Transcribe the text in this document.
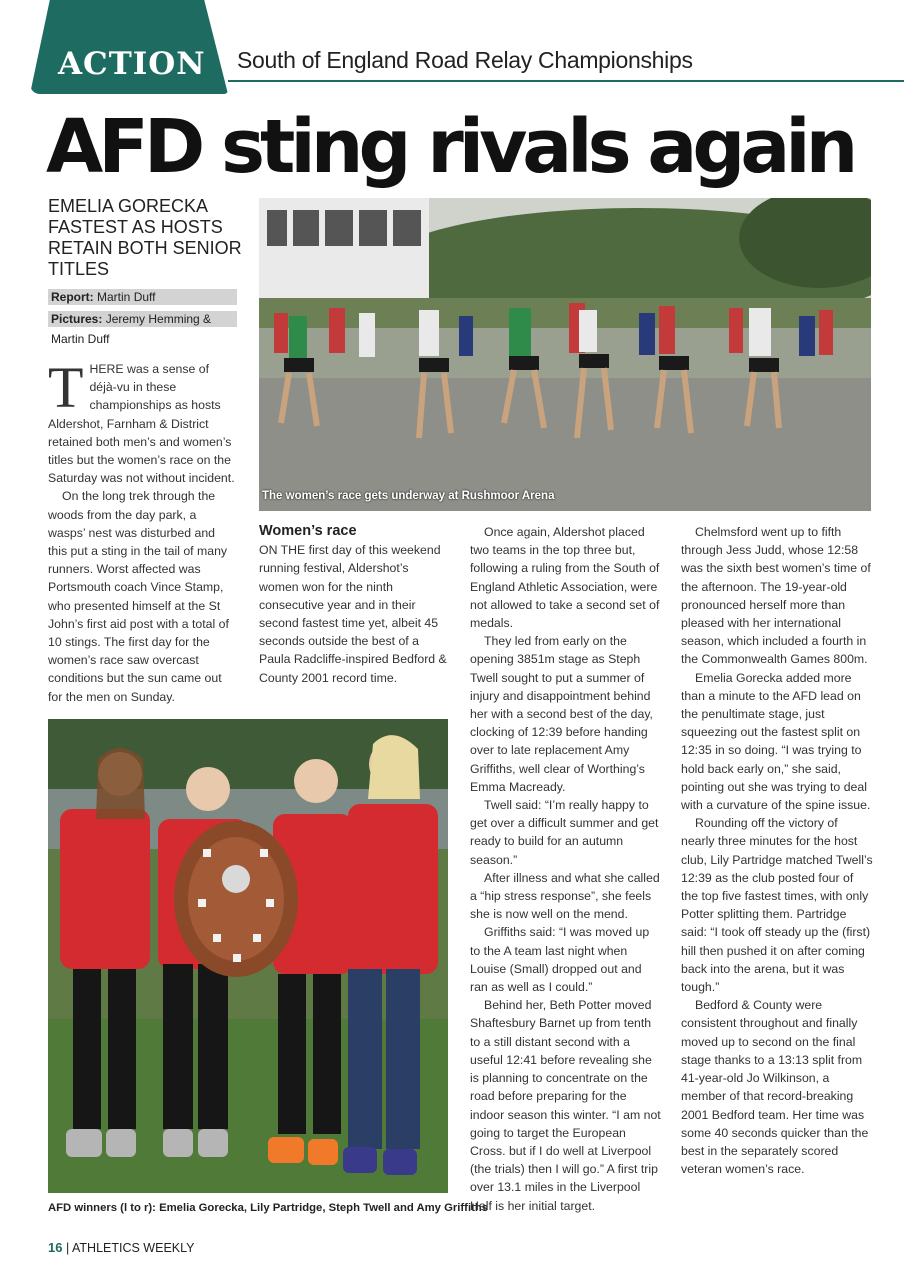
ACTION South of England Road Relay Championships
AFD sting rivals again
EMELIA GORECKA FASTEST AS HOSTS RETAIN BOTH SENIOR TITLES
Report: Martin Duff
Pictures: Jeremy Hemming &
Martin Duff

THERE was a sense of déjà-vu in these championships as hosts Aldershot, Farnham & District retained both men’s and women’s titles but the women’s race on the Saturday was not without incident.

On the long trek through the woods from the day park, a wasps’ nest was disturbed and this put a sting in the tail of many runners. Worst affected was Portsmouth coach Vince Stamp, who presented himself at the St John’s first aid post with a total of 10 stings. The first day for the women’s race saw overcast conditions but the sun came out for the men on Sunday.

The women’s race gets underway at Rushmoor Arena
Women’s race

ON THE first day of this weekend running festival, Aldershot’s women won for the ninth consecutive year and in their second fastest time yet, albeit 45 seconds outside the best of a Paula Radcliffe-inspired Bedford & County 2001 record time.

AFD winners (l to r): Emelia Gorecka, Lily Partridge, Steph Twell and Amy Griffiths

Once again, Aldershot placed two teams in the top three but, following a ruling from the South of England Athletic Association, were not allowed to take a second set of medals.

They led from early on the opening 3851m stage as Steph Twell sought to put a summer of injury and disappointment behind her with a second best of the day, clocking of 12:39 before handing over to late replacement Amy Griffiths, well clear of Worthing’s Emma Macready.

Twell said: “I’m really happy to get over a difficult summer and get ready to build for an autumn season.”

After illness and what she called a “hip stress response”, she feels she is now well on the mend.

Griffiths said: “I was moved up to the A team last night when Louise (Small) dropped out and ran as well as I could.”

Behind her, Beth Potter moved Shaftesbury Barnet up from tenth to a still distant second with a useful 12:41 before revealing she is planning to concentrate on the road before preparing for the indoor season this winter. “I am not going to target the European Cross. but if I do well at Liverpool (the trials) then I will go.” A first trip over 13.1 miles in the Liverpool Half is her initial target.

Chelmsford went up to fifth through Jess Judd, whose 12:58 was the sixth best women’s time of the afternoon. The 19-year-old pronounced herself more than pleased with her international season, which included a fourth in the Commonwealth Games 800m.

Emelia Gorecka added more than a minute to the AFD lead on the penultimate stage, just squeezing out the fastest split on 12:35 in so doing. “I was trying to hold back early on,” she said, pointing out she was trying to deal with a curvature of the spine issue.

Rounding off the victory of nearly three minutes for the host club, Lily Partridge matched Twell’s 12:39 as the club posted four of the top five fastest times, with only Potter splitting them. Partridge said: “I took off steady up the (first) hill then pushed it on after coming back into the arena, but it was tough.”

Bedford & County were consistent throughout and finally moved up to second on the final stage thanks to a 13:13 split from 41-year-old Jo Wilkinson, a member of that record-breaking 2001 Bedford team. Her time was some 40 seconds quicker than the best in the separately scored veteran women’s race.

16 | ATHLETICS WEEKLY
